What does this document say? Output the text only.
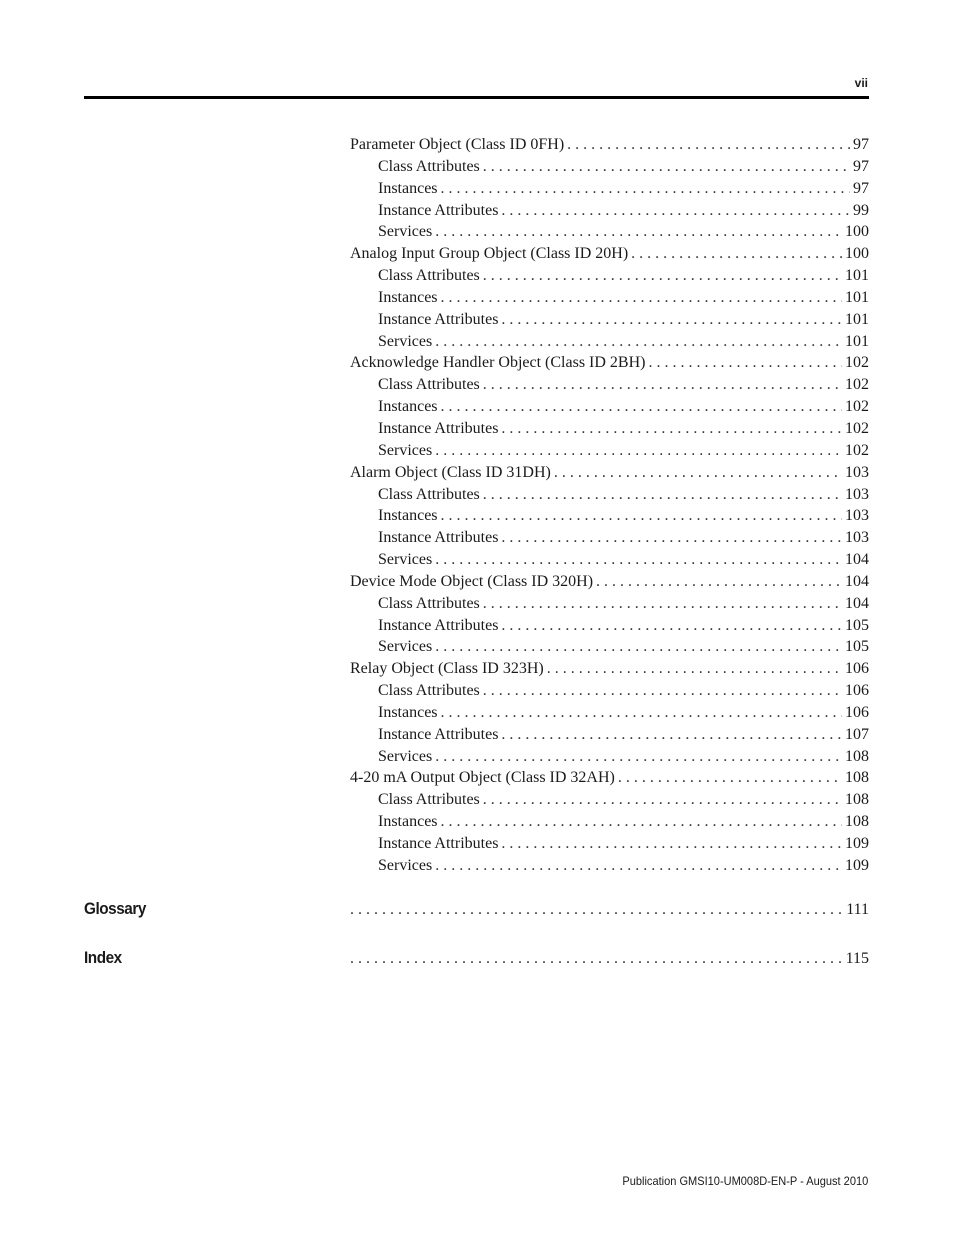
vii
Parameter Object (Class ID 0FH) . . .	97
Class Attributes . . .	97
Instances . . .	97
Instance Attributes . . .	99
Services . . .	100
Analog Input Group Object (Class ID 20H) . . .	100
Class Attributes . . .	101
Instances . . .	101
Instance Attributes . . .	101
Services . . .	101
Acknowledge Handler Object (Class ID 2BH) . . .	102
Class Attributes . . .	102
Instances . . .	102
Instance Attributes . . .	102
Services . . .	102
Alarm Object (Class ID 31DH) . . .	103
Class Attributes . . .	103
Instances . . .	103
Instance Attributes . . .	103
Services . . .	104
Device Mode Object (Class ID 320H) . . .	104
Class Attributes . . .	104
Instance Attributes . . .	105
Services . . .	105
Relay Object (Class ID 323H) . . .	106
Class Attributes . . .	106
Instances . . .	106
Instance Attributes . . .	107
Services . . .	108
4-20 mA Output Object (Class ID 32AH) . . .	108
Class Attributes . . .	108
Instances . . .	108
Instance Attributes . . .	109
Services . . .	109
Glossary . . .	111
Index . . .	115
Publication GMSI10-UM008D-EN-P - August 2010
